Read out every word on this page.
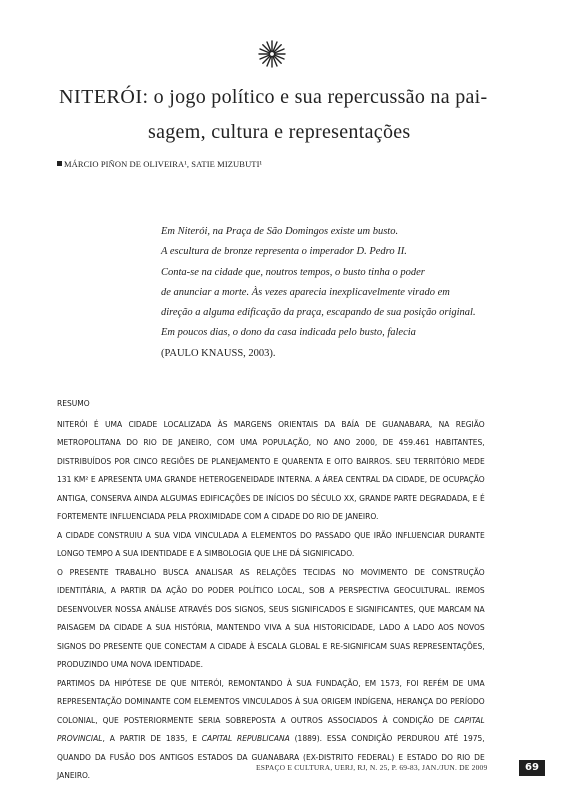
NITERÓI: o jogo político e sua repercussão na pai-
sagem, cultura e representações
MÁRCIO PIÑON DE OLIVEIRA¹, SATIE MIZUBUTI¹

Em Niterói, na Praça de São Domingos existe um busto.

A escultura de bronze representa o imperador D. Pedro II.

Conta-se na cidade que, noutros tempos, o busto tinha o poder

de anunciar a morte. Às vezes aparecia inexplicavelmente virado em

direção a alguma edificação da praça, escapando de sua posição original.

Em poucos dias, o dono da casa indicada pelo busto, falecia

(PAULO KNAUSS, 2003).

RESUMO

NITERÓI É UMA CIDADE LOCALIZADA ÀS MARGENS ORIENTAIS DA BAÍA DE GUANABARA, NA REGIÃO METROPOLITANA DO RIO DE JANEIRO, COM UMA POPULAÇÃO, NO ANO 2000, DE 459.461 HABITANTES, DISTRIBUÍDOS POR CINCO REGIÕES DE PLANEJAMENTO E QUARENTA E OITO BAIRROS. SEU TERRITÓRIO MEDE 131 KM² E APRESENTA UMA GRANDE HETEROGENEIDADE INTERNA. A ÁREA CENTRAL DA CIDADE, DE OCUPAÇÃO ANTIGA, CONSERVA AINDA ALGUMAS EDIFICAÇÕES DE INÍCIOS DO SÉCULO XX, GRANDE PARTE DEGRADADA, E É FORTEMENTE INFLUENCIADA PELA PROXIMIDADE COM A CIDADE DO RIO DE JANEIRO.

A CIDADE CONSTRUIU A SUA VIDA VINCULADA A ELEMENTOS DO PASSADO QUE IRÃO INFLUENCIAR DURANTE LONGO TEMPO A SUA IDENTIDADE E A SIMBOLOGIA QUE LHE DÁ SIGNIFICADO.

O PRESENTE TRABALHO BUSCA ANALISAR AS RELAÇÕES TECIDAS NO MOVIMENTO DE CONSTRUÇÃO IDENTITÁRIA, A PARTIR DA AÇÃO DO PODER POLÍTICO LOCAL, SOB A PERSPECTIVA GEOCULTURAL. IREMOS DESENVOLVER NOSSA ANÁLISE ATRAVÉS DOS SIGNOS, SEUS SIGNIFICADOS E SIGNIFICANTES, QUE MARCAM NA PAISAGEM DA CIDADE A SUA HISTÓRIA, MANTENDO VIVA A SUA HISTORICIDADE, LADO A LADO AOS NOVOS SIGNOS DO PRESENTE QUE CONECTAM A CIDADE À ESCALA GLOBAL E RE-SIGNIFICAM SUAS REPRESENTAÇÕES, PRODUZINDO UMA NOVA IDENTIDADE.

PARTIMOS DA HIPÓTESE DE QUE NITERÓI, REMONTANDO À SUA FUNDAÇÃO, EM 1573, FOI REFÉM DE UMA REPRESENTAÇÃO DOMINANTE COM ELEMENTOS VINCULADOS À SUA ORIGEM INDÍGENA, HERANÇA DO PERÍODO COLONIAL, QUE POSTERIORMENTE SERIA SOBREPOSTA A OUTROS ASSOCIADOS À CONDIÇÃO DE CAPITAL PROVINCIAL, A PARTIR DE 1835, E CAPITAL REPUBLICANA (1889). ESSA CONDIÇÃO PERDUROU ATÉ 1975, QUANDO DA FUSÃO DOS ANTIGOS ESTADOS DA GUANABARA (EX-DISTRITO FEDERAL) E ESTADO DO RIO DE JANEIRO.

ESPAÇO E CULTURA, UERJ, RJ, N. 25, P. 69-83, JAN./JUN. DE 2009	69
